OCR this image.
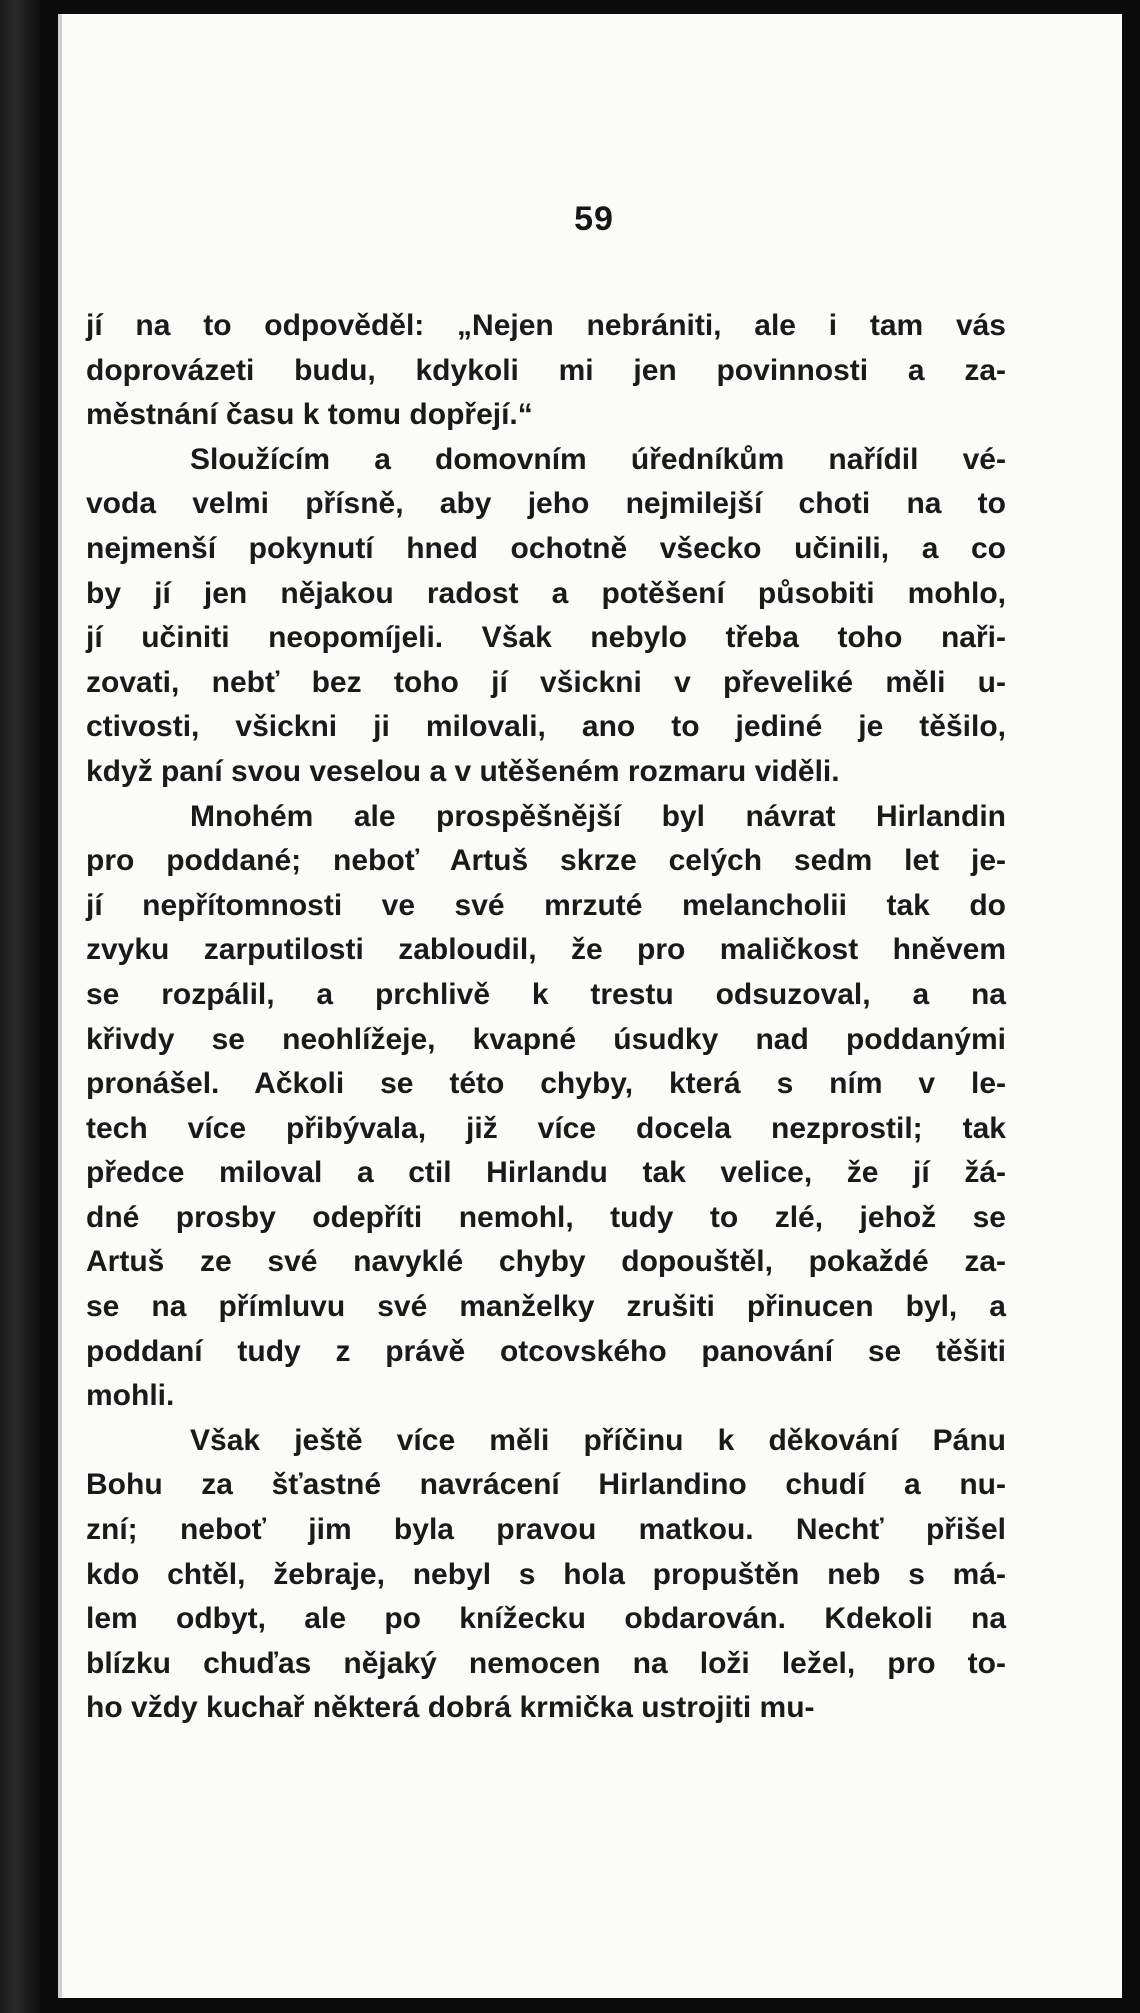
59
jí na to odpověděl: „Nejen nebrániti, ale i tam vás
doprovázeti budu, kdykoli mi jen povinnosti a za-
městnání času k tomu dopřejí.“
Sloužícím a domovním úředníkům nařídil vé-
voda velmi přísně, aby jeho nejmilejší choti na to
nejmenší pokynutí hned ochotně všecko učinili, a co
by jí jen nějakou radost a potěšení působiti mohlo,
jí učiniti neopomíjeli. Však nebylo třeba toho naři-
zovati, nebť bez toho jí všickni v převeliké měli u-
ctivosti, všickni ji milovali, ano to jediné je těšilo,
když paní svou veselou a v utěšeném rozmaru viděli.
Mnohém ale prospěšnější byl návrat Hirlandin
pro poddané; neboť Artuš skrze celých sedm let je-
jí nepřítomnosti ve své mrzuté melancholii tak do
zvyku zarputilosti zabloudil, že pro maličkost hněvem
se rozpálil, a prchlivě k trestu odsuzoval, a na
křivdy se neohlížeje, kvapné úsudky nad poddanými
pronášel. Ačkoli se této chyby, která s ním v le-
tech více přibývala, již více docela nezprostil; tak
předce miloval a ctil Hirlandu tak velice, že jí žá-
dné prosby odepříti nemohl, tudy to zlé, jehož se
Artuš ze své navyklé chyby dopouštěl, pokaždé za-
se na přímluvu své manželky zrušiti přinucen byl, a
poddaní tudy z právě otcovského panování se těšiti
mohli.
Však ještě více měli příčinu k děkování Pánu
Bohu za šťastné navrácení Hirlandino chudí a nu-
zní; neboť jim byla pravou matkou. Nechť přišel
kdo chtěl, žebraje, nebyl s hola propuštěn neb s má-
lem odbyt, ale po knížecku obdarován. Kdekoli na
blízku chuďas nějaký nemocen na loži ležel, pro to-
ho vždy kuchař některá dobrá krmička ustrojiti mu-
